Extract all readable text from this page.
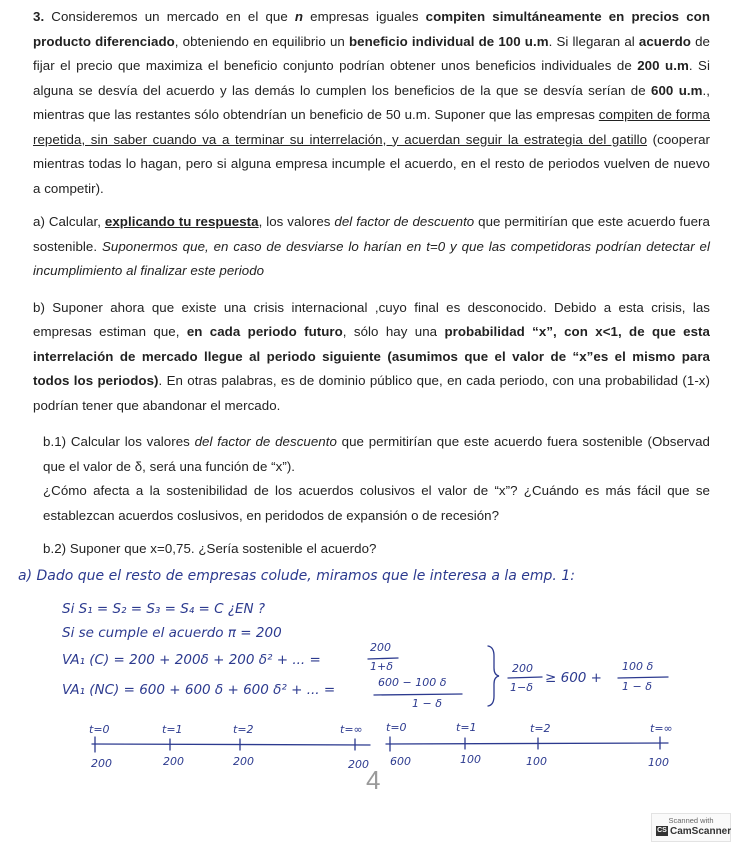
3. Consideremos un mercado en el que n empresas iguales compiten simultáneamente en precios con producto diferenciado, obteniendo en equilibrio un beneficio individual de 100 u.m. Si llegaran al acuerdo de fijar el precio que maximiza el beneficio conjunto podrían obtener unos beneficios individuales de 200 u.m. Si alguna se desvía del acuerdo y las demás lo cumplen los beneficios de la que se desvía serían de 600 u.m., mientras que las restantes sólo obtendrían un beneficio de 50 u.m. Suponer que las empresas compiten de forma repetida, sin saber cuando va a terminar su interrelación, y acuerdan seguir la estrategia del gatillo (cooperar mientras todas lo hagan, pero si alguna empresa incumple el acuerdo, en el resto de periodos vuelven de nuevo a competir).

a) Calcular, explicando tu respuesta, los valores del factor de descuento que permitirían que este acuerdo fuera sostenible. Suponermos que, en caso de desviarse lo harían en t=0 y que las competidoras podrían detectar el incumplimiento al finalizar este periodo

b) Suponer ahora que existe una crisis internacional ,cuyo final es desconocido. Debido a esta crisis, las empresas estiman que, en cada periodo futuro, sólo hay una probabilidad “x”, con x<1, de que esta interrelación de mercado llegue al periodo siguiente (asumimos que el valor de “x”es el mismo para todos los periodos). En otras palabras, es de dominio público que, en cada periodo, con una probabilidad (1-x) podrían tener que abandonar el mercado.

b.1) Calcular los valores del factor de descuento que permitirían que este acuerdo fuera sostenible (Observad que el valor de δ, será una función de “x”).

¿Cómo afecta a la sostenibilidad de los acuerdos colusivos el valor de “x”? ¿Cuándo es más fácil que se establezcan acuerdos coslusivos, en peridodos de expansión o de recesión?

b.2) Suponer que x=0,75. ¿Sería sostenible el acuerdo?

a) Dado que el resto de empresas colude, miramos que le interesa a la emp. 1:
Si S₁ = S₂ = S₃ = S₄ = C ¿EN ?
Si se cumple el acuerdo π = 200
VA₁ (C) = 200 + 200δ + 200 δ² + ... =
200
1+δ
VA₁ (NC) = 600 + 600 δ + 600 δ² + ... =	600 − 100 δ
1 − δ
200
1−δ
≥ 600 +
100 δ
1 − δ
t=0	t=1	t=2	t=∞
200	200	200	200
t=0	t=1	t=2	t=∞
600	100	100	100
4
Scanned with
CS CamScanner
